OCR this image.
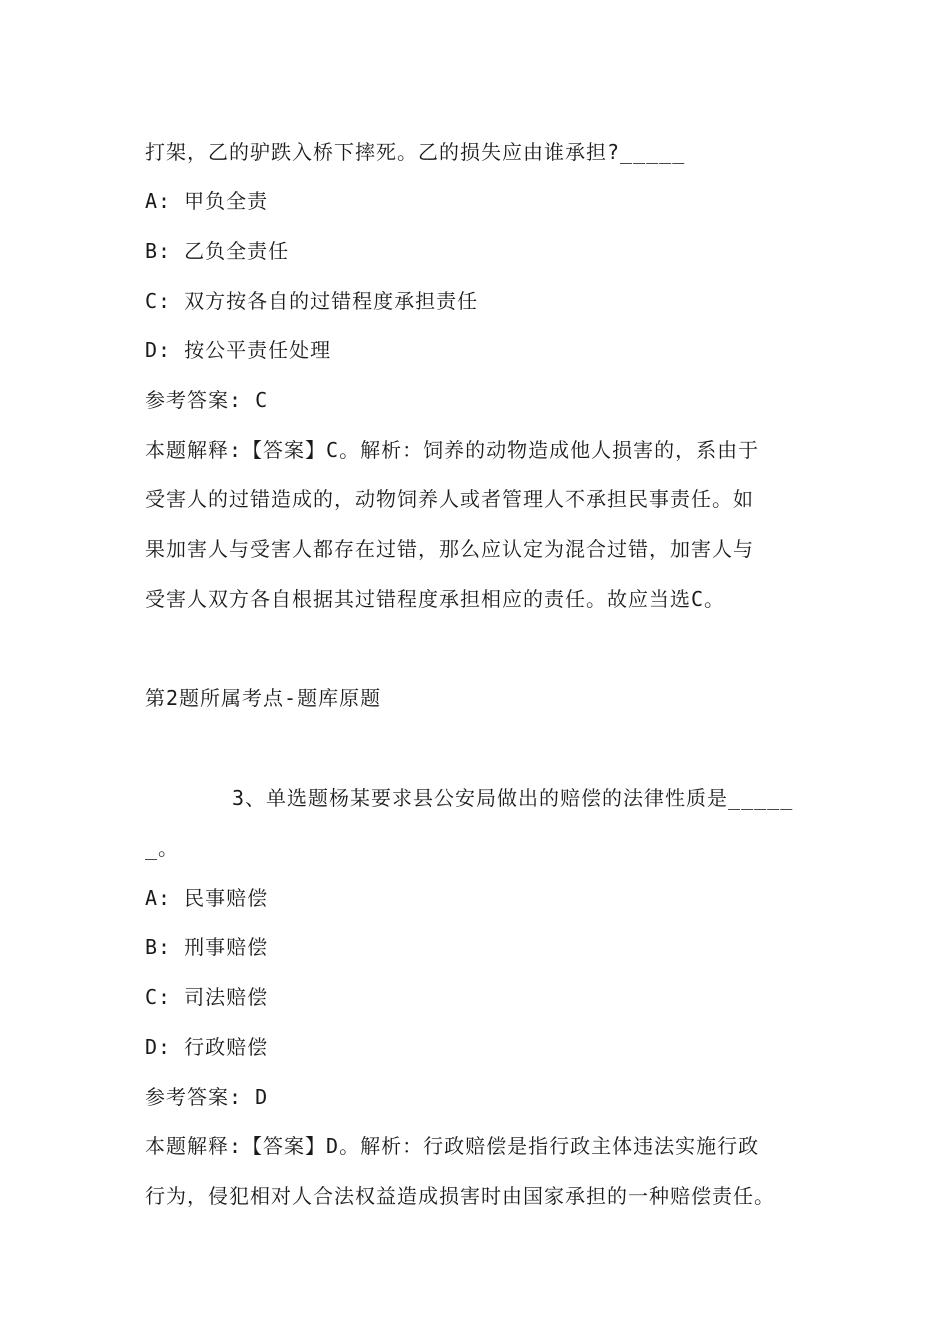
打架，乙的驴跌入桥下摔死。乙的损失应由谁承担?_____
A: 甲负全责
B: 乙负全责任
C: 双方按各自的过错程度承担责任
D: 按公平责任处理
参考答案: C
本题解释:【答案】C。解析：饲养的动物造成他人损害的，系由于
受害人的过错造成的，动物饲养人或者管理人不承担民事责任。如
果加害人与受害人都存在过错，那么应认定为混合过错，加害人与
受害人双方各自根据其过错程度承担相应的责任。故应当选C。
第2题所属考点-题库原题
3、单选题杨某要求县公安局做出的赔偿的法律性质是_____
_。
A: 民事赔偿
B: 刑事赔偿
C: 司法赔偿
D: 行政赔偿
参考答案: D
本题解释:【答案】D。解析：行政赔偿是指行政主体违法实施行政
行为，侵犯相对人合法权益造成损害时由国家承担的一种赔偿责任。
